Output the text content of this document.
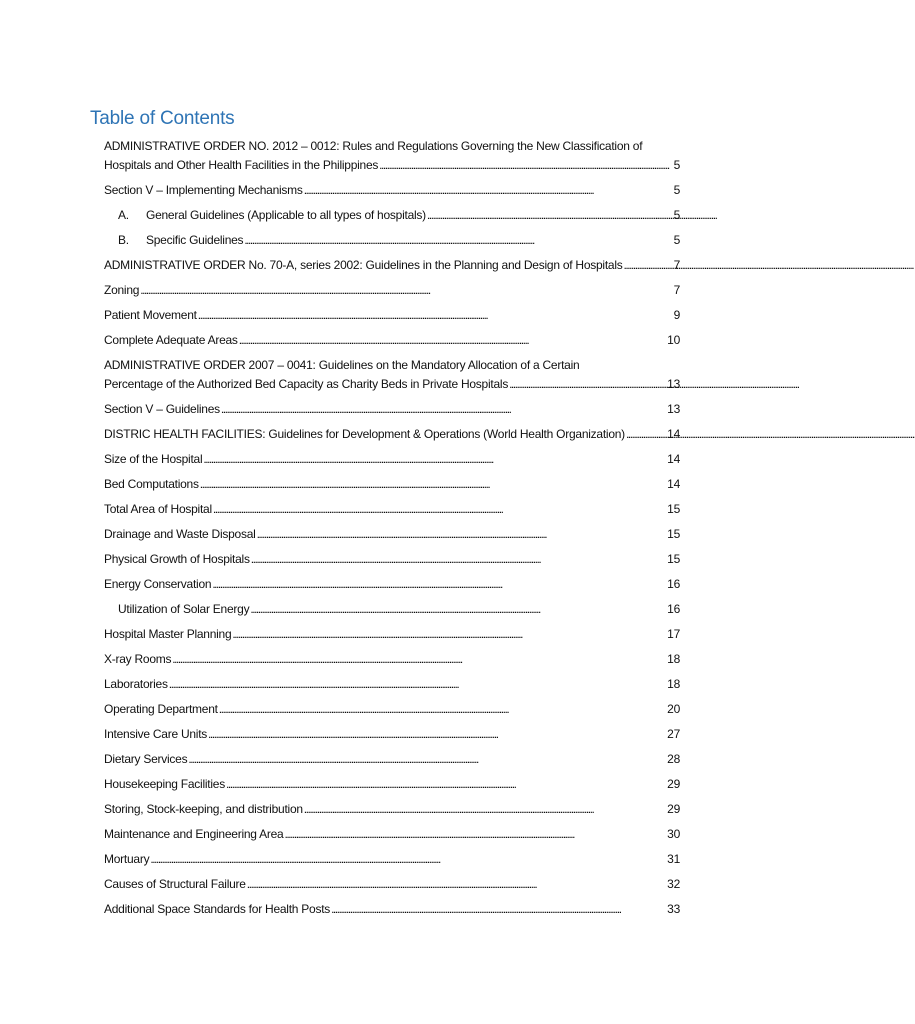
Table of Contents
ADMINISTRATIVE ORDER NO. 2012 – 0012: Rules and Regulations Governing the New Classification of
Hospitals and Other Health Facilities in the Philippines . . .	5
Section V – Implementing Mechanisms . . .	5
A. General Guidelines (Applicable to all types of hospitals) . . .	5
B. Specific Guidelines . . .	5
ADMINISTRATIVE ORDER No. 70-A, series 2002: Guidelines in the Planning and Design of Hospitals . . .	7
Zoning . . .	7
Patient Movement . . .	9
Complete Adequate Areas . . .	10
ADMINISTRATIVE ORDER 2007 – 0041: Guidelines on the Mandatory Allocation of a Certain
Percentage of the Authorized Bed Capacity as Charity Beds in Private Hospitals . . .	13
Section V – Guidelines . . .	13
DISTRIC HEALTH FACILITIES: Guidelines for Development & Operations (World Health Organization) . . .	14
Size of the Hospital . . .	14
Bed Computations . . .	14
Total Area of Hospital . . .	15
Drainage and Waste Disposal . . .	15
Physical Growth of Hospitals . . .	15
Energy Conservation . . .	16
Utilization of Solar Energy . . .	16
Hospital Master Planning . . .	17
X-ray Rooms . . .	18
Laboratories . . .	18
Operating Department . . .	20
Intensive Care Units . . .	27
Dietary Services . . .	28
Housekeeping Facilities . . .	29
Storing, Stock-keeping, and distribution . . .	29
Maintenance and Engineering Area . . .	30
Mortuary . . .	31
Causes of Structural Failure . . .	32
Additional Space Standards for Health Posts . . .	33
